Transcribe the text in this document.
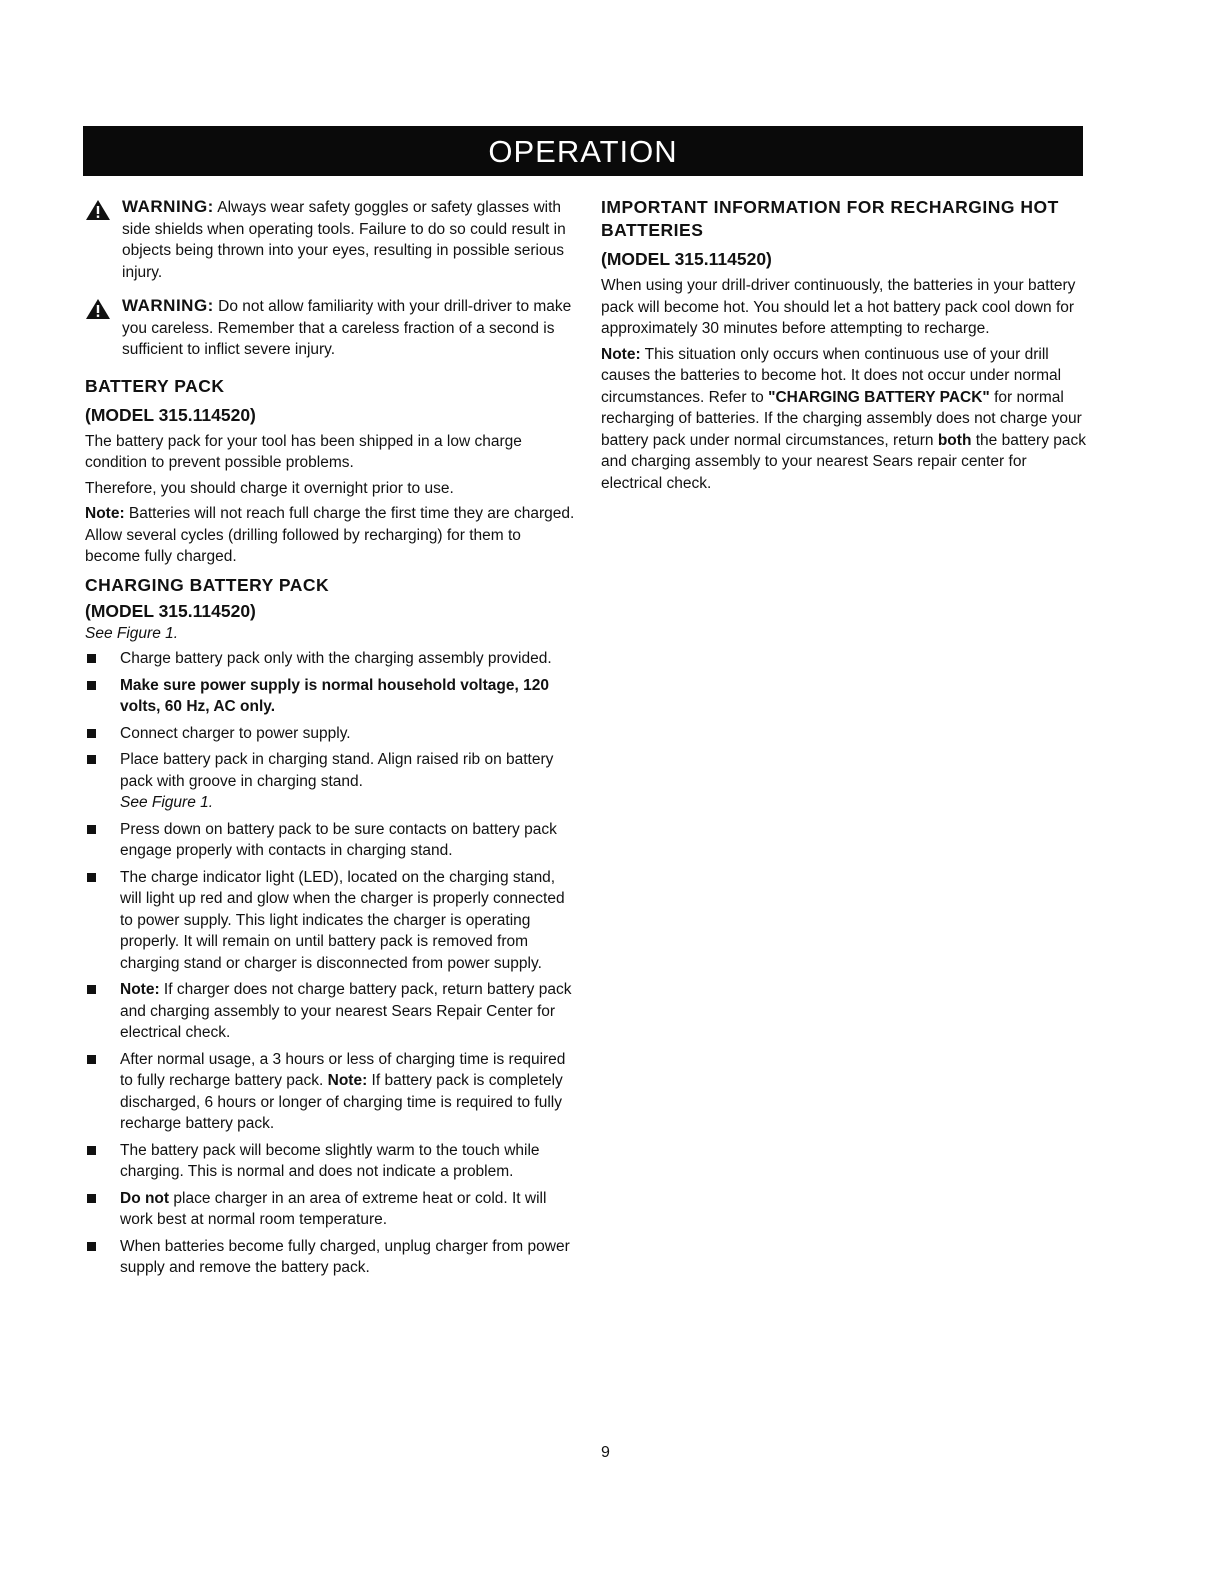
OPERATION
WARNING: Always wear safety goggles or safety glasses with side shields when operating tools. Failure to do so could result in objects being thrown into your eyes, resulting in possible serious injury.
WARNING: Do not allow familiarity with your drill-driver to make you careless. Remember that a careless fraction of a second is sufficient to inflict severe injury.
BATTERY PACK
(MODEL 315.114520)

The battery pack for your tool has been shipped in a low charge condition to prevent possible problems.

Therefore, you should charge it overnight prior to use.

Note: Batteries will not reach full charge the first time they are charged. Allow several cycles (drilling followed by recharging) for them to become fully charged.

CHARGING BATTERY PACK
(MODEL 315.114520)

See Figure 1.

Charge battery pack only with the charging assembly provided.
Make sure power supply is normal household voltage, 120 volts, 60 Hz, AC only.
Connect charger to power supply.
Place battery pack in charging stand. Align raised rib on battery pack with groove in charging stand.
See Figure 1.
Press down on battery pack to be sure contacts on battery pack engage properly with contacts in charging stand.
The charge indicator light (LED), located on the charging stand, will light up red and glow when the charger is properly connected to power supply. This light indicates the charger is operating properly. It will remain on until battery pack is removed from charging stand or charger is disconnected from power supply.
Note: If charger does not charge battery pack, return battery pack and charging assembly to your nearest Sears Repair Center for electrical check.
After normal usage, a 3 hours or less of charging time is required to fully recharge battery pack. Note: If battery pack is completely discharged, 6 hours or longer of charging time is required to fully recharge battery pack.
The battery pack will become slightly warm to the touch while charging. This is normal and does not indicate a problem.
Do not place charger in an area of extreme heat or cold. It will work best at normal room temperature.
When batteries become fully charged, unplug charger from power supply and remove the battery pack.
IMPORTANT INFORMATION FOR RECHARGING HOT BATTERIES
(MODEL 315.114520)

When using your drill-driver continuously, the batteries in your battery pack will become hot. You should let a hot battery pack cool down for approximately 30 minutes before attempting to recharge.

Note: This situation only occurs when continuous use of your drill causes the batteries to become hot. It does not occur under normal circumstances. Refer to "CHARGING BATTERY PACK" for normal recharging of batteries. If the charging assembly does not charge your battery pack under normal circumstances, return both the battery pack and charging assembly to your nearest Sears repair center for electrical check.

9
